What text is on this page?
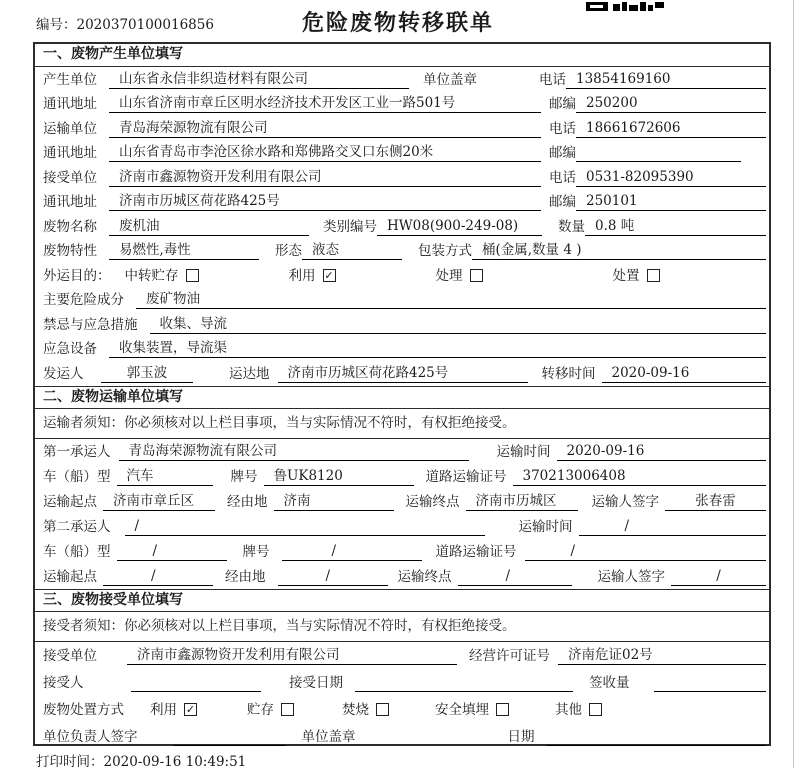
编号：2020370100016856	危险废物转移联单
一、废物产生单位填写
产生单位	山东省永信非织造材料有限公司	单位盖章	电话 13854169160
通讯地址	山东省济南市章丘区明水经济技术开发区工业一路501号	邮编 250200
运输单位	青岛海荣源物流有限公司	电话 18661672606
通讯地址	山东省青岛市李沧区徐水路和郑佛路交叉口东侧20米	邮编
接受单位	济南市鑫源物资开发利用有限公司	电话 0531-82095390
通讯地址	济南市历城区荷花路425号	邮编 250101
废物名称	废机油	类别编号 HW08(900-249-08)	数量 0.8 吨
废物特性	易燃性,毒性	形态 液态	包装方式 桶(金属,数量 4 )
外运目的： 中转贮存	利用 ✓	处理	处置
主要危险成分	废矿物油
禁忌与应急措施	收集、导流
应急设备	收集装置，导流渠
发运人	郭玉波	运达地	济南市历城区荷花路425号	转移时间	2020-09-16
二、废物运输单位填写
运输者须知：你必须核对以上栏目事项，当与实际情况不符时，有权拒绝接受。
第一承运人	青岛海荣源物流有限公司	运输时间	2020-09-16
车（船）型	汽车	牌号	鲁UK8120	道路运输证号	370213006408
运输起点	济南市章丘区	经由地	济南	运输终点	济南市历城区	运输人签字	张春雷
第二承运人	/	运输时间	/
车（船）型	/	牌号	/	道路运输证号	/
运输起点	/	经由地	/	运输终点	/	运输人签字	/
三、废物接受单位填写
接受者须知：你必须核对以上栏目事项，当与实际情况不符时，有权拒绝接受。
接受单位	济南市鑫源物资开发利用有限公司	经营许可证号	济南危证02号
接受人	接受日期	签收量
废物处置方式 利用 ✓	贮存	焚烧	安全填埋	其他
单位负责人签字	单位盖章	日期
打印时间：2020-09-16 10:49:51
